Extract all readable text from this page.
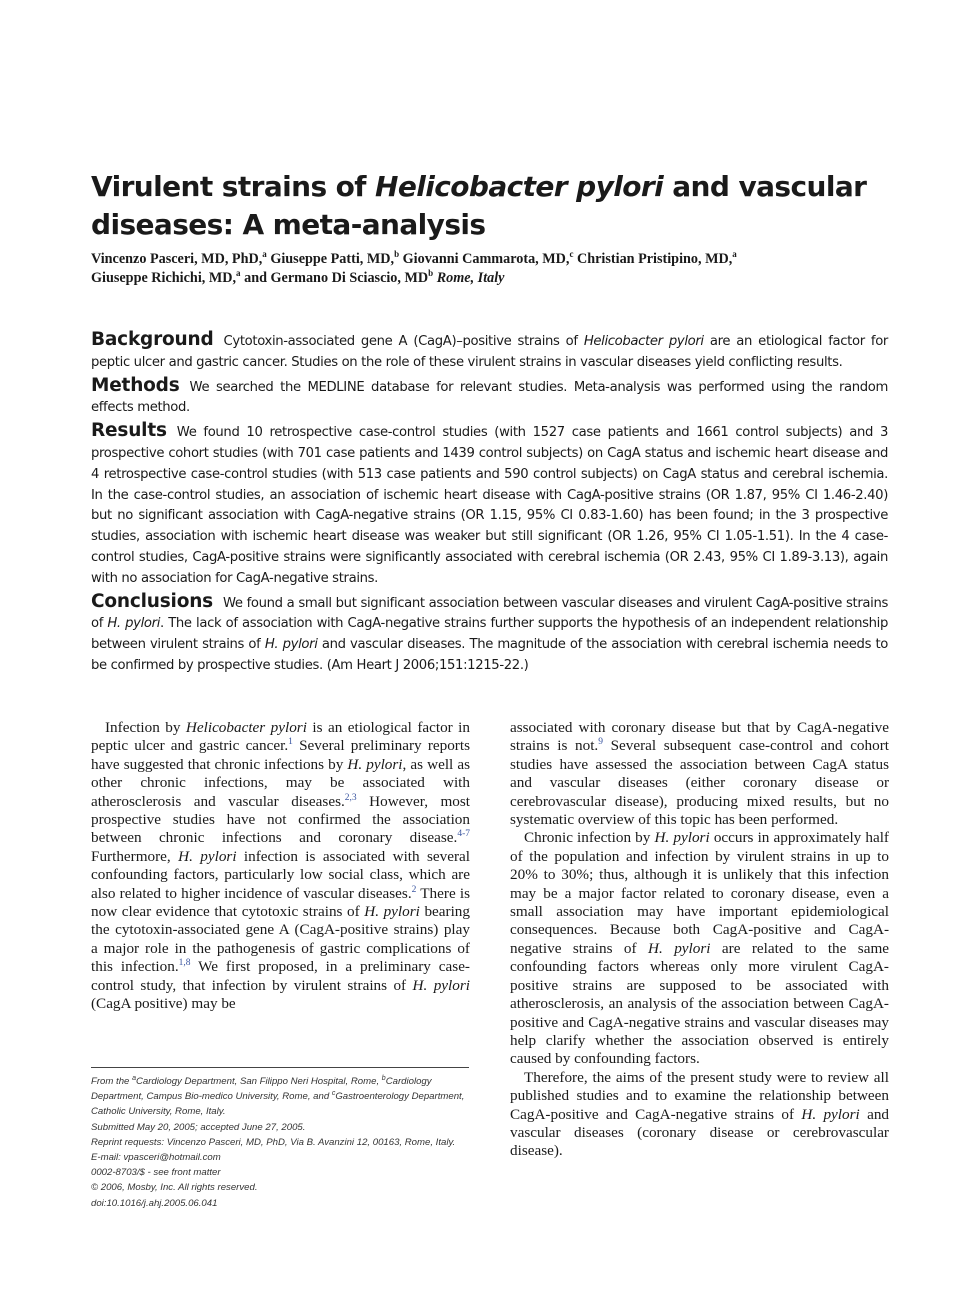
Virulent strains of Helicobacter pylori and vascular diseases: A meta-analysis
Vincenzo Pasceri, MD, PhD,$^a$ Giuseppe Patti, MD,$^b$ Giovanni Cammarota, MD,$^c$ Christian Pristipino, MD,$^a$
Giuseppe Richichi, MD,$^a$ and Germano Di Sciascio, $MD^b$ Rome, Italy

Background Cytotoxin-associated gene A (CagA)–positive strains of Helicobacter pylori are an etiological factor for peptic ulcer and gastric cancer. Studies on the role of these virulent strains in vascular diseases yield conflicting results.

Methods We searched the MEDLINE database for relevant studies. Meta-analysis was performed using the random effects method.

Results We found 10 retrospective case-control studies (with 1527 case patients and 1661 control subjects) and 3 prospective cohort studies (with 701 case patients and 1439 control subjects) on CagA status and ischemic heart disease and 4 retrospective case-control studies (with 513 case patients and 590 control subjects) on CagA status and cerebral ischemia. In the case-control studies, an association of ischemic heart disease with CagA-positive strains (OR 1.87, 95% CI 1.46-2.40) but no significant association with CagA-negative strains (OR 1.15, 95% CI 0.83-1.60) has been found; in the 3 prospective studies, association with ischemic heart disease was weaker but still significant (OR 1.26, 95% CI 1.05-1.51). In the 4 case-control studies, CagA-positive strains were significantly associated with cerebral ischemia (OR 2.43, 95% CI 1.89-3.13), again with no association for CagA-negative strains.

Conclusions We found a small but significant association between vascular diseases and virulent CagA-positive strains of H. pylori. The lack of association with CagA-negative strains further supports the hypothesis of an independent relationship between virulent strains of H. pylori and vascular diseases. The magnitude of the association with cerebral ischemia needs to be confirmed by prospective studies. (Am Heart J 2006;151:1215-22.)

Infection by Helicobacter pylori is an etiological factor in peptic ulcer and gastric cancer.$^1$ Several preliminary reports have suggested that chronic infections by H. pylori, as well as other chronic infections, may be associated with atherosclerosis and vascular diseases.$^{2,3}$ However, most prospective studies have not confirmed the association between chronic infections and coronary disease.$^{4-7}$ Furthermore, H. pylori infection is associated with several confounding factors, particularly low social class, which are also related to higher incidence of vascular diseases.$^2$ There is now clear evidence that cytotoxic strains of H. pylori bearing the cytotoxin-associated gene A (CagA-positive strains) play a major role in the pathogenesis of gastric complications of this infection.$^{1,8}$ We first proposed, in a preliminary case-control study, that infection by virulent strains of H. pylori (CagA positive) may be

associated with coronary disease but that by CagA-negative strains is not.$^9$ Several subsequent case-control and cohort studies have assessed the association between CagA status and vascular diseases (either coronary disease or cerebrovascular disease), producing mixed results, but no systematic overview of this topic has been performed.

Chronic infection by H. pylori occurs in approximately half of the population and infection by virulent strains in up to 20% to 30%; thus, although it is unlikely that this infection may be a major factor related to coronary disease, even a small association may have important epidemiological consequences. Because both CagA-positive and CagA-negative strains of H. pylori are related to the same confounding factors whereas only more virulent CagA-positive strains are supposed to be associated with atherosclerosis, an analysis of the association between CagA-positive and CagA-negative strains and vascular diseases may help clarify whether the association observed is entirely caused by confounding factors.

Therefore, the aims of the present study were to review all published studies and to examine the relationship between CagA-positive and CagA-negative strains of H. pylori and vascular diseases (coronary disease or cerebrovascular disease).

From the $^a$Cardiology Department, San Filippo Neri Hospital, Rome, $^b$Cardiology Department, Campus Bio-medico University, Rome, and $^c$Gastroenterology Department, Catholic University, Rome, Italy.
Submitted May 20, 2005; accepted June 27, 2005.
Reprint requests: Vincenzo Pasceri, MD, PhD, Via B. Avanzini 12, 00163, Rome, Italy.
E-mail: vpasceri@hotmail.com
0002-8703/$ - see front matter
© 2006, Mosby, Inc. All rights reserved.
doi:10.1016/j.ahj.2005.06.041
